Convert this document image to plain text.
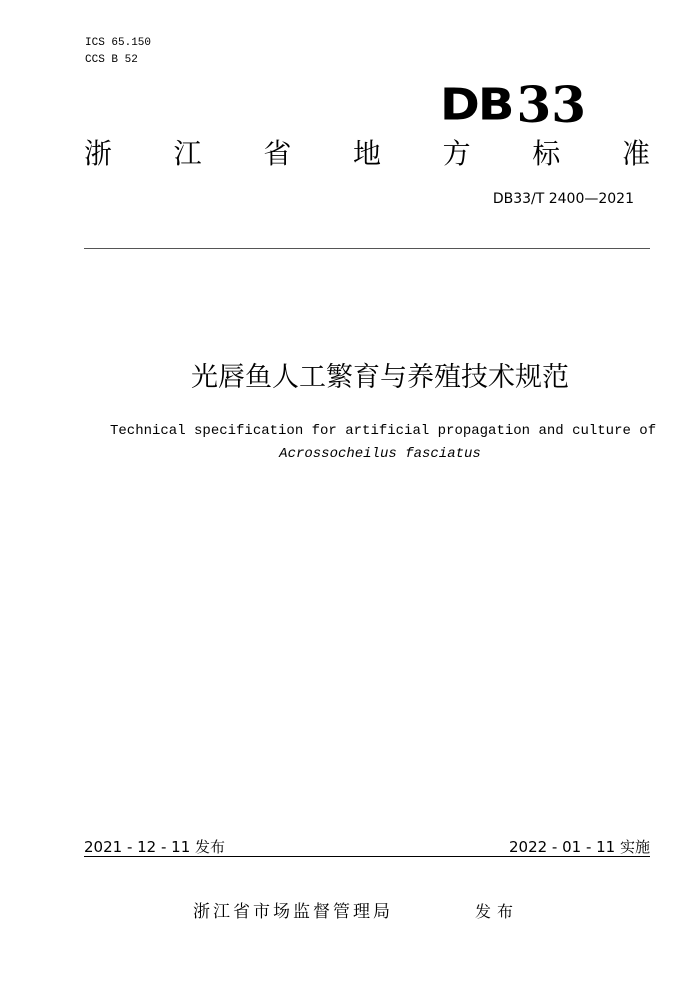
ICS 65.150
CCS B 52
DB 33
浙 江 省 地 方 标 准
DB33/T 2400—2021
光唇鱼人工繁育与养殖技术规范
Technical specification for artificial propagation and culture of
Acrossocheilus fasciatus
2021 - 12 - 11 发布	2022 - 01 - 11 实施
浙江省市场监督管理局	发布
